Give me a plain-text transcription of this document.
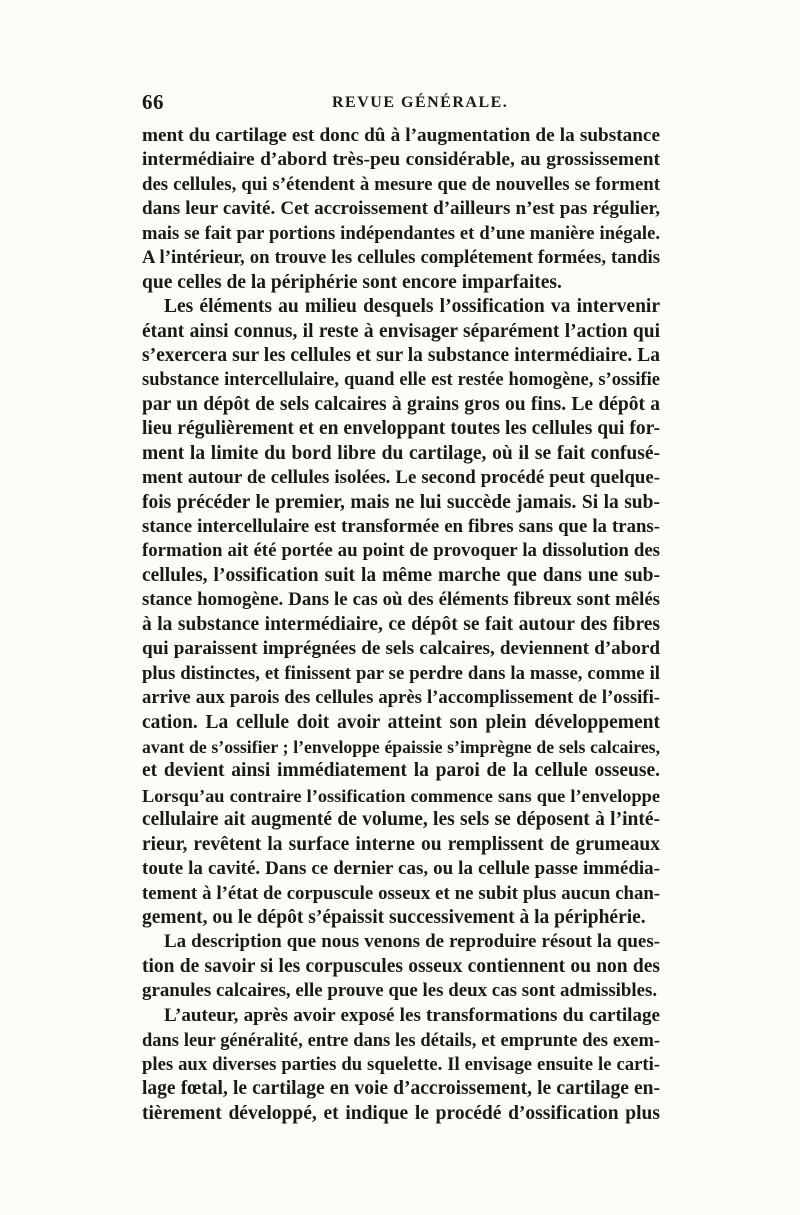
66	REVUE GÉNÉRALE.
ment du cartilage est donc dû à l’augmentation de la substance
intermédiaire d’abord très-peu considérable, au grossissement
des cellules, qui s’étendent à mesure que de nouvelles se forment
dans leur cavité. Cet accroissement d’ailleurs n’est pas régulier,
mais se fait par portions indépendantes et d’une manière inégale.
A l’intérieur, on trouve les cellules complétement formées, tandis
que celles de la périphérie sont encore imparfaites.
Les éléments au milieu desquels l’ossification va intervenir
étant ainsi connus, il reste à envisager séparément l’action qui
s’exercera sur les cellules et sur la substance intermédiaire. La
substance intercellulaire, quand elle est restée homogène, s’ossifie
par un dépôt de sels calcaires à grains gros ou fins. Le dépôt a
lieu régulièrement et en enveloppant toutes les cellules qui for-
ment la limite du bord libre du cartilage, où il se fait confusé-
ment autour de cellules isolées. Le second procédé peut quelque-
fois précéder le premier, mais ne lui succède jamais. Si la sub-
stance intercellulaire est transformée en fibres sans que la trans-
formation ait été portée au point de provoquer la dissolution des
cellules, l’ossification suit la même marche que dans une sub-
stance homogène. Dans le cas où des éléments fibreux sont mêlés
à la substance intermédiaire, ce dépôt se fait autour des fibres
qui paraissent imprégnées de sels calcaires, deviennent d’abord
plus distinctes, et finissent par se perdre dans la masse, comme il
arrive aux parois des cellules après l’accomplissement de l’ossifi-
cation. La cellule doit avoir atteint son plein développement
avant de s’ossifier ; l’enveloppe épaissie s’imprègne de sels calcaires,
et devient ainsi immédiatement la paroi de la cellule osseuse.
Lorsqu’au contraire l’ossification commence sans que l’enveloppe
cellulaire ait augmenté de volume, les sels se déposent à l’inté-
rieur, revêtent la surface interne ou remplissent de grumeaux
toute la cavité. Dans ce dernier cas, ou la cellule passe immédia-
tement à l’état de corpuscule osseux et ne subit plus aucun chan-
gement, ou le dépôt s’épaissit successivement à la périphérie.
La description que nous venons de reproduire résout la ques-
tion de savoir si les corpuscules osseux contiennent ou non des
granules calcaires, elle prouve que les deux cas sont admissibles.
L’auteur, après avoir exposé les transformations du cartilage
dans leur généralité, entre dans les détails, et emprunte des exem-
ples aux diverses parties du squelette. Il envisage ensuite le carti-
lage fœtal, le cartilage en voie d’accroissement, le cartilage en-
tièrement développé, et indique le procédé d’ossification plus
